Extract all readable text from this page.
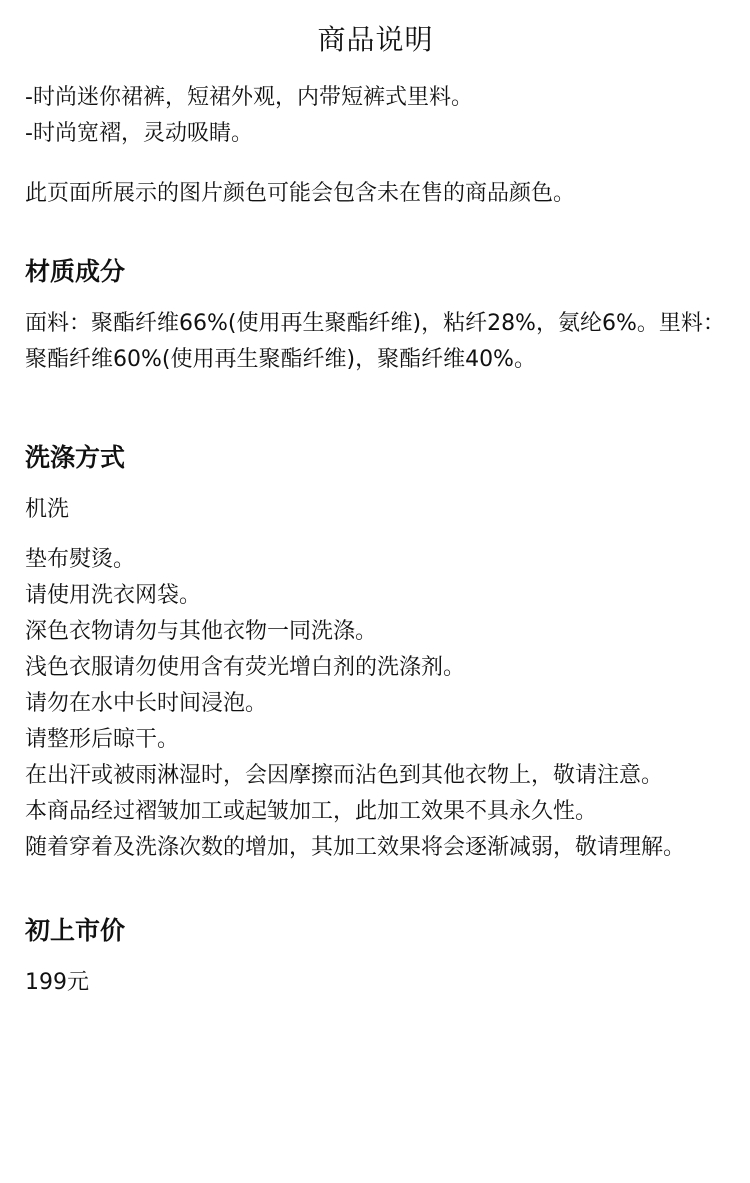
商品说明

-时尚迷你裙裤，短裙外观，内带短裤式里料。

-时尚宽褶，灵动吸睛。

此页面所展示的图片颜色可能会包含未在售的商品颜色。

材质成分

面料：聚酯纤维66%(使用再生聚酯纤维)，粘纤28%，氨纶6%。里料：聚酯纤维60%(使用再生聚酯纤维)，聚酯纤维40%。

洗涤方式

机洗

垫布熨烫。

请使用洗衣网袋。

深色衣物请勿与其他衣物一同洗涤。

浅色衣服请勿使用含有荧光增白剂的洗涤剂。

请勿在水中长时间浸泡。

请整形后晾干。

在出汗或被雨淋湿时，会因摩擦而沾色到其他衣物上，敬请注意。

本商品经过褶皱加工或起皱加工，此加工效果不具永久性。

随着穿着及洗涤次数的增加，其加工效果将会逐渐减弱，敬请理解。

初上市价

199元
